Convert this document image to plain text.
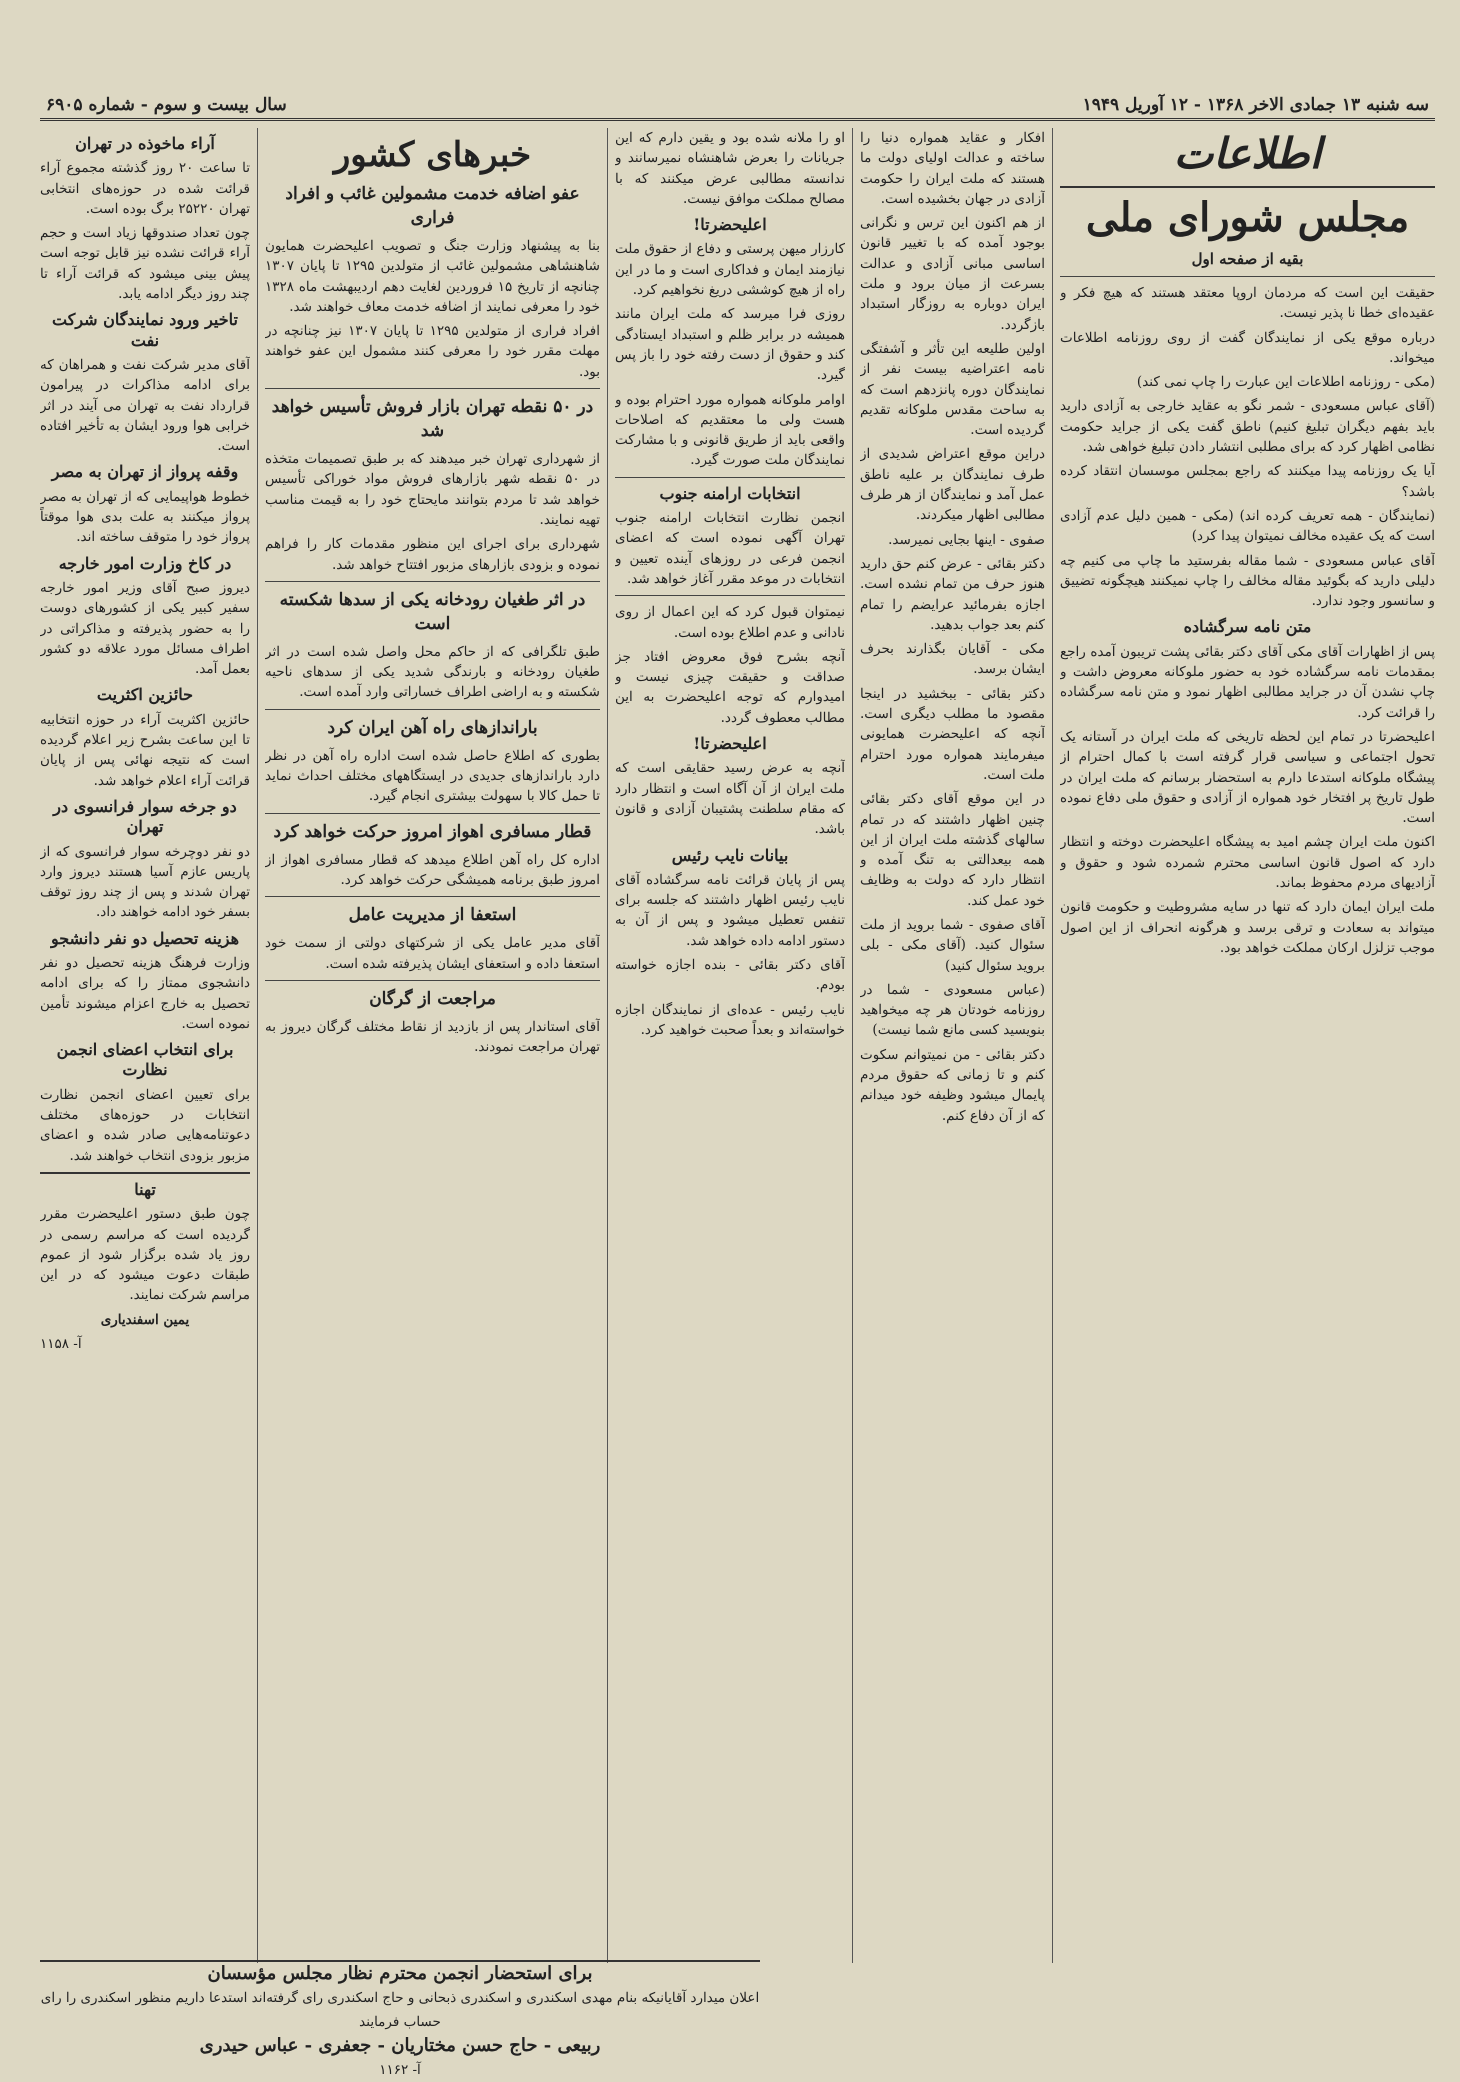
سه شنبه ۱۳ جمادی الاخر ۱۳۶۸ - ۱۲ آوریل ۱۹۴۹
سال بیست و سوم - شماره ۶۹۰۵
اطلاعات
مجلس شورای ملی
بقیه از صفحه اول

حقیقت این است که مردمان اروپا معتقد هستند که هیچ فکر و عقیده‌ای خطا نا پذیر نیست.

درباره موقع یکی از نمایندگان گفت از روی روزنامه اطلاعات میخواند.

(مکی - روزنامه اطلاعات این عبارت را چاپ نمی کند)

(آقای عباس مسعودی - شمر نگو به عقاید خارجی به آزادی دارید باید بفهم دیگران تبلیغ کنیم) ناطق گفت یکی از جراید حکومت نظامی اظهار کرد که برای مطلبی انتشار دادن تبلیغ خواهی شد.

آیا یک روزنامه پیدا میکنند که راجع بمجلس موسسان انتقاد کرده باشد؟

(نمایندگان - همه تعریف کرده اند) (مکی - همین دلیل عدم آزادی است که یک عقیده مخالف نمیتوان پیدا کرد)

آقای عباس مسعودی - شما مقاله بفرستید ما چاپ می کنیم چه دلیلی دارید که بگوئید مقاله مخالف را چاپ نمیکنند هیچگونه تضییق و سانسور وجود ندارد.

متن نامه سرگشاده

پس از اظهارات آقای مکی آقای دکتر بقائی پشت تریبون آمده راجع بمقدمات نامه سرگشاده خود به حضور ملوکانه معروض داشت و چاپ نشدن آن در جراید مطالبی اظهار نمود و متن نامه سرگشاده را قرائت کرد.

اعلیحضرتا در تمام این لحظه تاریخی که ملت ایران در آستانه یک تحول اجتماعی و سیاسی قرار گرفته است با کمال احترام از پیشگاه ملوکانه استدعا دارم به استحضار برسانم که ملت ایران در طول تاریخ پر افتخار خود همواره از آزادی و حقوق ملی دفاع نموده است.

اکنون ملت ایران چشم امید به پیشگاه اعلیحضرت دوخته و انتظار دارد که اصول قانون اساسی محترم شمرده شود و حقوق و آزادیهای مردم محفوظ بماند.

ملت ایران ایمان دارد که تنها در سایه مشروطیت و حکومت قانون میتواند به سعادت و ترقی برسد و هرگونه انحراف از این اصول موجب تزلزل ارکان مملکت خواهد بود.

افکار و عقاید همواره دنیا را ساخته و عدالت اولیای دولت ما هستند که ملت ایران را حکومت آزادی در جهان بخشیده است.

از هم اکنون این ترس و نگرانی بوجود آمده که با تغییر قانون اساسی مبانی آزادی و عدالت بسرعت از میان برود و ملت ایران دوباره به روزگار استبداد بازگردد.

اولین طلیعه این تأثر و آشفتگی نامه اعتراضیه بیست نفر از نمایندگان دوره پانزدهم است که به ساحت مقدس ملوکانه تقدیم گردیده است.

دراین موقع اعتراض شدیدی از طرف نمایندگان بر علیه ناطق عمل آمد و نمایندگان از هر طرف مطالبی اظهار میکردند.

صفوی - اینها بجایی نمیرسد.

دکتر بقائی - عرض کنم حق دارید هنوز حرف من تمام نشده است. اجازه بفرمائید عرایضم را تمام کنم بعد جواب بدهید.

مکی - آقایان بگذارند بحرف ایشان برسد.

دکتر بقائی - ببخشید در اینجا مقصود ما مطلب دیگری است. آنچه که اعلیحضرت همایونی میفرمایند همواره مورد احترام ملت است.

در این موقع آقای دکتر بقائی چنین اظهار داشتند که در تمام سالهای گذشته ملت ایران از این همه بیعدالتی به تنگ آمده و انتظار دارد که دولت به وظایف خود عمل کند.

آقای صفوی - شما بروید از ملت سئوال کنید. (آقای مکی - بلی بروید سئوال کنید)

(عباس مسعودی - شما در روزنامه خودتان هر چه میخواهید بنویسید کسی مانع شما نیست)

دکتر بقائی - من نمیتوانم سکوت کنم و تا زمانی که حقوق مردم پایمال میشود وظیفه خود میدانم که از آن دفاع کنم.

او را ملانه شده بود و یقین دارم که این جریانات را بعرض شاهنشاه نمیرسانند و ندانسته مطالبی عرض میکنند که با مصالح مملکت موافق نیست.

اعلیحضرتا!

کارزار میهن پرستی و دفاع از حقوق ملت نیازمند ایمان و فداکاری است و ما در این راه از هیچ کوششی دریغ نخواهیم کرد.

روزی فرا میرسد که ملت ایران مانند همیشه در برابر ظلم و استبداد ایستادگی کند و حقوق از دست رفته خود را باز پس گیرد.

اوامر ملوکانه همواره مورد احترام بوده و هست ولی ما معتقدیم که اصلاحات واقعی باید از طریق قانونی و با مشارکت نمایندگان ملت صورت گیرد.

انتخابات ارامنه جنوب

انجمن نظارت انتخابات ارامنه جنوب تهران آگهی نموده است که اعضای انجمن فرعی در روزهای آینده تعیین و انتخابات در موعد مقرر آغاز خواهد شد.

نیمتوان قبول کرد که این اعمال از روی نادانی و عدم اطلاع بوده است.

آنچه بشرح فوق معروض افتاد جز صداقت و حقیقت چیزی نیست و امیدوارم که توجه اعلیحضرت به این مطالب معطوف گردد.

اعلیحضرتا!

آنچه به عرض رسید حقایقی است که ملت ایران از آن آگاه است و انتظار دارد که مقام سلطنت پشتیبان آزادی و قانون باشد.

بیانات نایب رئیس

پس از پایان قرائت نامه سرگشاده آقای نایب رئیس اظهار داشتند که جلسه برای تنفس تعطیل میشود و پس از آن به دستور ادامه داده خواهد شد.

آقای دکتر بقائی - بنده اجازه خواسته بودم.

نایب رئیس - عده‌ای از نمایندگان اجازه خواسته‌اند و بعداً صحبت خواهید کرد.

خبرهای کشور
عفو اضافه خدمت مشمولین غائب و افراد فراری

بنا به پیشنهاد وزارت جنگ و تصویب اعلیحضرت همایون شاهنشاهی مشمولین غائب از متولدین ۱۲۹۵ تا پایان ۱۳۰۷ چنانچه از تاریخ ۱۵ فروردین لغایت دهم اردیبهشت ماه ۱۳۲۸ خود را معرفی نمایند از اضافه خدمت معاف خواهند شد.

افراد فراری از متولدین ۱۲۹۵ تا پایان ۱۳۰۷ نیز چنانچه در مهلت مقرر خود را معرفی کنند مشمول این عفو خواهند بود.

در ۵۰ نقطه تهران بازار فروش تأسیس خواهد شد

از شهرداری تهران خبر میدهند که بر طبق تصمیمات متخذه در ۵۰ نقطه شهر بازارهای فروش مواد خوراکی تأسیس خواهد شد تا مردم بتوانند مایحتاج خود را به قیمت مناسب تهیه نمایند.

شهرداری برای اجرای این منظور مقدمات کار را فراهم نموده و بزودی بازارهای مزبور افتتاح خواهد شد.

در اثر طغیان رودخانه یکی از سدها شکسته است

طبق تلگرافی که از حاکم محل واصل شده است در اثر طغیان رودخانه و بارندگی شدید یکی از سدهای ناحیه شکسته و به اراضی اطراف خساراتی وارد آمده است.

باراندازهای راه آهن ایران کرد

بطوری که اطلاع حاصل شده است اداره راه آهن در نظر دارد باراندازهای جدیدی در ایستگاههای مختلف احداث نماید تا حمل کالا با سهولت بیشتری انجام گیرد.

قطار مسافری اهواز امروز حرکت خواهد کرد

اداره کل راه آهن اطلاع میدهد که قطار مسافری اهواز از امروز طبق برنامه همیشگی حرکت خواهد کرد.

استعفا از مدیریت عامل

آقای مدیر عامل یکی از شرکتهای دولتی از سمت خود استعفا داده و استعفای ایشان پذیرفته شده است.

مراجعت از گرگان

آقای استاندار پس از بازدید از نقاط مختلف گرگان دیروز به تهران مراجعت نمودند.

آراء ماخوذه در تهران

تا ساعت ۲۰ روز گذشته مجموع آراء قرائت شده در حوزه‌های انتخابی تهران ۲۵۲۲۰ برگ بوده است.

چون تعداد صندوقها زیاد است و حجم آراء قرائت نشده نیز قابل توجه است پیش بینی میشود که قرائت آراء تا چند روز دیگر ادامه یابد.

تاخیر ورود نمایندگان شرکت نفت

آقای مدیر شرکت نفت و همراهان که برای ادامه مذاکرات در پیرامون قرارداد نفت به تهران می آیند در اثر خرابی هوا ورود ایشان به تأخیر افتاده است.

وقفه پرواز از تهران به مصر

خطوط هواپیمایی که از تهران به مصر پرواز میکنند به علت بدی هوا موقتاً پرواز خود را متوقف ساخته اند.

در کاخ وزارت امور خارجه

دیروز صبح آقای وزیر امور خارجه سفیر کبیر یکی از کشورهای دوست را به حضور پذیرفته و مذاکراتی در اطراف مسائل مورد علاقه دو کشور بعمل آمد.

حائزین اکثریت

حائزین اکثریت آراء در حوزه انتخابیه تا این ساعت بشرح زیر اعلام گردیده است که نتیجه نهائی پس از پایان قرائت آراء اعلام خواهد شد.

دو جرخه سوار فرانسوی در تهران

دو نفر دوچرخه سوار فرانسوی که از پاریس عازم آسیا هستند دیروز وارد تهران شدند و پس از چند روز توقف بسفر خود ادامه خواهند داد.

هزینه تحصیل دو نفر دانشجو

وزارت فرهنگ هزینه تحصیل دو نفر دانشجوی ممتاز را که برای ادامه تحصیل به خارج اعزام میشوند تأمین نموده است.

برای انتخاب اعضای انجمن نظارت

برای تعیین اعضای انجمن نظارت انتخابات در حوزه‌های مختلف دعوتنامه‌هایی صادر شده و اعضای مزبور بزودی انتخاب خواهند شد.

تهنا

چون طبق دستور اعلیحضرت مقرر گردیده است که مراسم رسمی در روز یاد شده برگزار شود از عموم طبقات دعوت میشود که در این مراسم شرکت نمایند.

یمین اسفندیاری

آ- ۱۱۵۸

برای استحضار انجمن محترم نظار مجلس مؤسسان
اعلان میدارد آقایانیکه بنام مهدی اسکندری و اسکندری ذبحانی و حاج اسکندری رای گرفته‌اند استدعا داریم منظور اسکندری را رای حساب فرمایند
ربیعی - حاج حسن مختاریان - جعفری - عباس حیدری
آ- ۱۱۶۲
